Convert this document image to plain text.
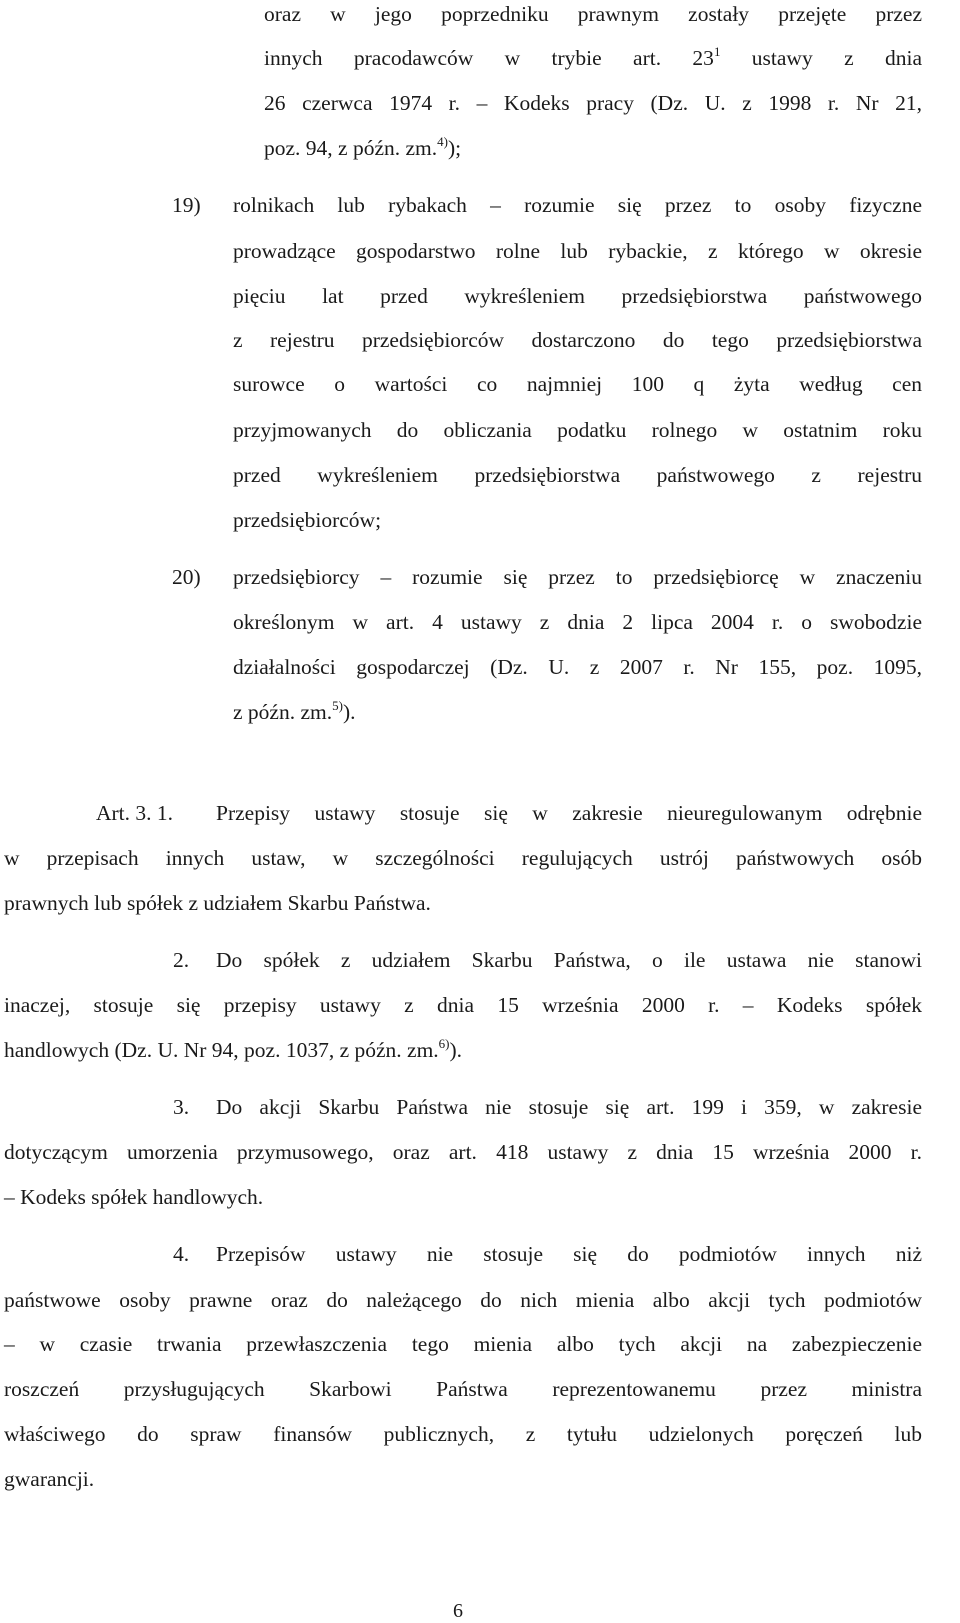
oraz w jego poprzedniku prawnym zostały przejęte przez
innych pracodawców w trybie art. $23^1$ ustawy z dnia
26 czerwca 1974 r. – Kodeks pracy (Dz. U. z 1998 r. Nr 21,
poz. 94, z późn. zm.$^{4)}$);
19) rolnikach lub rybakach – rozumie się przez to osoby fizyczne
prowadzące gospodarstwo rolne lub rybackie, z którego w okresie
pięciu lat przed wykreśleniem przedsiębiorstwa państwowego
z rejestru przedsiębiorców dostarczono do tego przedsiębiorstwa
surowce o wartości co najmniej 100 q żyta według cen
przyjmowanych do obliczania podatku rolnego w ostatnim roku
przed wykreśleniem przedsiębiorstwa państwowego z rejestru
przedsiębiorców;
20) przedsiębiorcy – rozumie się przez to przedsiębiorcę w znaczeniu
określonym w art. 4 ustawy z dnia 2 lipca 2004 r. o swobodzie
działalności gospodarczej (Dz. U. z 2007 r. Nr 155, poz. 1095,
z późn. zm.$^{5)}$).
Art. 3. 1. Przepisy ustawy stosuje się w zakresie nieuregulowanym odrębnie
w przepisach innych ustaw, w szczególności regulujących ustrój państwowych osób
prawnych lub spółek z udziałem Skarbu Państwa.
2. Do spółek z udziałem Skarbu Państwa, o ile ustawa nie stanowi
inaczej, stosuje się przepisy ustawy z dnia 15 września 2000 r. – Kodeks spółek
handlowych (Dz. U. Nr 94, poz. 1037, z późn. zm.$^{6)}$).
3. Do akcji Skarbu Państwa nie stosuje się art. 199 i 359, w zakresie
dotyczącym umorzenia przymusowego, oraz art. 418 ustawy z dnia 15 września 2000 r.
– Kodeks spółek handlowych.
4. Przepisów ustawy nie stosuje się do podmiotów innych niż
państwowe osoby prawne oraz do należącego do nich mienia albo akcji tych podmiotów
– w czasie trwania przewłaszczenia tego mienia albo tych akcji na zabezpieczenie
roszczeń przysługujących Skarbowi Państwa reprezentowanemu przez ministra
właściwego do spraw finansów publicznych, z tytułu udzielonych poręczeń lub
gwarancji.
6
